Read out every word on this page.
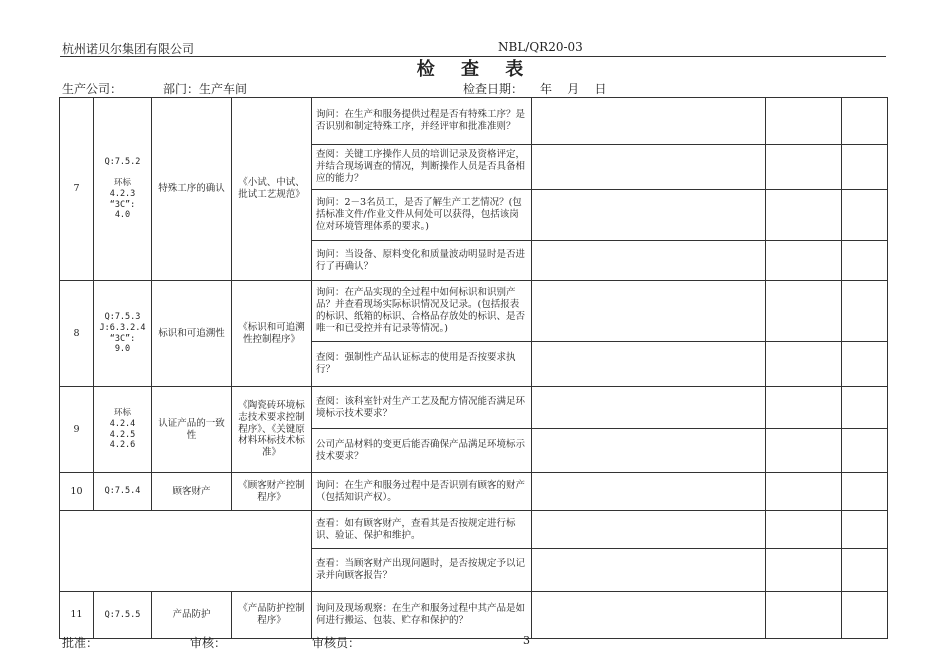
杭州诺贝尔集团有限公司	NBL/QR20-03
检 查 表
生产公司：	部门：生产车间	检查日期： 年    月    日
7	Q:7.5.2

环标
4.2.3
“3C”:
4.0	特殊工序的确认	《小试、中试、批试工艺规范》	询问：在生产和服务提供过程是否有特殊工序？是否识别和制定特殊工序，并经评审和批准准则？			
				查阅：关键工序操作人员的培训记录及资格评定，并结合现场调查的情况，判断操作人员是否具备相应的能力？			
				询问：2－3名员工，是否了解生产工艺情况？(包括标准文件/作业文件从何处可以获得，包括该岗位对环境管理体系的要求。)			
				询问：当设备、原料变化和质量波动明显时是否进行了再确认？			
8	Q:7.5.3
J:6.3.2.4
“3C”:
9.0	标识和可追溯性	《标识和可追溯性控制程序》	询问：在产品实现的全过程中如何标识和识别产品？并查看现场实际标识情况及记录。(包括报表的标识、纸箱的标识、合格品存放处的标识、是否唯一和已受控并有记录等情况。)			
				查阅：强制性产品认证标志的使用是否按要求执行？			
9	环标
4.2.4
4.2.5
4.2.6	认证产品的一致性	《陶瓷砖环境标志技术要求控制程序》、《关键原材料环标技术标准》	查阅：该科室针对生产工艺及配方情况能否满足环境标示技术要求？			
				公司产品材料的变更后能否确保产品满足环境标示技术要求？			
10	Q:7.5.4	顾客财产	《顾客财产控制程序》	询问：在生产和服务过程中是否识别有顾客的财产（包括知识产权）。			
				查看：如有顾客财产，查看其是否按规定进行标识、验证、保护和维护。			
				查看：当顾客财产出现问题时，是否按规定予以记录并向顾客报告？			
11	Q:7.5.5	产品防护	《产品防护控制程序》	询问及现场观察：在生产和服务过程中其产品是如何进行搬运、包装、贮存和保护的？			
批准：	审核：	审核员：	3
